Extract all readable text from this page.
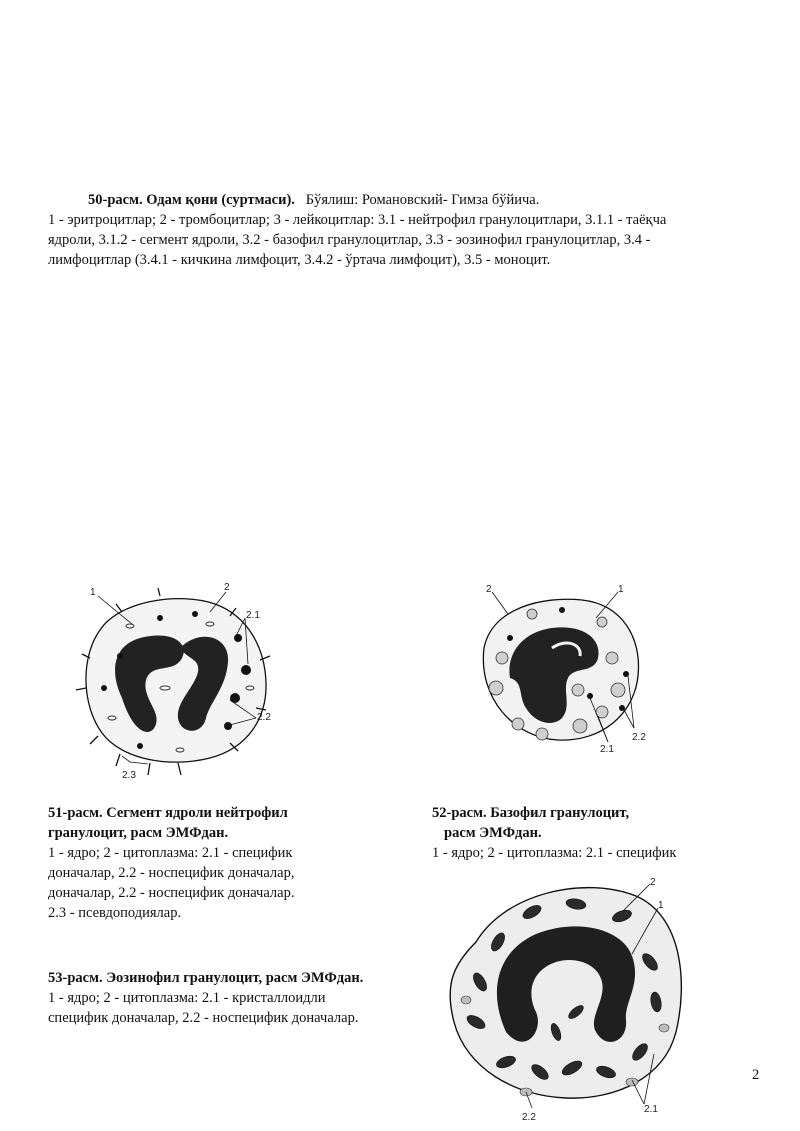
50-расм. Одам қони (суртмаси). Бўялиш: Романовский- Гимза бўйича.
1 - эритроцитлар; 2 - тромбоцитлар; 3 - лейкоцитлар: 3.1 - нейтрофил гранулоцитлари, 3.1.1 - таёқча
ядроли, 3.1.2 - сегмент ядроли, 3.2 - базофил гранулоцитлар, 3.3 - эозинофил гранулоцитлар, 3.4 -
лимфоцитлар (3.4.1 - кичкина лимфоцит, 3.4.2 - ўртача лимфоцит), 3.5 - моноцит.
1	2
2.1
2.2
2.3
2	1
2.1
2.2
51-расм. Сегмент ядроли нейтрофил
гранулоцит, расм ЭМФдан.
1 - ядро; 2 - цитоплазма: 2.1 - специфик
доначалар, 2.2 - носпецифик доначалар,
доначалар, 2.2 - носпецифик доначалар.
2.3 - псевдоподиялар.
52-расм. Базофил гранулоцит,
расм ЭМФдан.
1 - ядро; 2 - цитоплазма: 2.1 - специфик
53-расм. Эозинофил гранулоцит, расм ЭМФдан.
1 - ядро; 2 - цитоплазма: 2.1 - кристаллоидли
специфик доначалар, 2.2 - носпецифик доначалар.
2
1
2.1
2.2
2
